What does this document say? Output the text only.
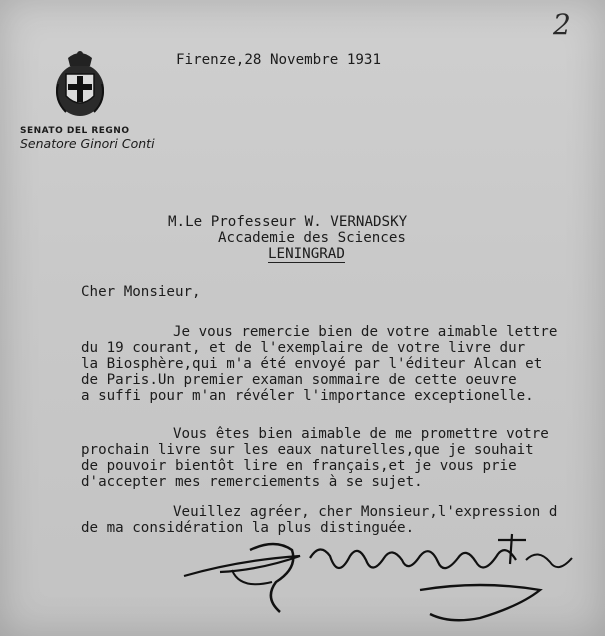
SENATO DEL REGNO
Senatore Ginori Conti
2
Firenze,28 Novembre 1931
M.Le Professeur W. VERNADSKY
Accademie des Sciences
LENINGRAD
Cher Monsieur,
Je vous remercie bien de votre aimable lettre
du 19 courant, et de l'exemplaire de votre livre dur
la Biosphère,qui m'a été envoyé par l'éditeur Alcan et
de Paris.Un premier examan sommaire de cette oeuvre
a suffi pour m'an révéler l'importance exceptionelle.
Vous êtes bien aimable de me promettre votre
prochain livre sur les eaux naturelles,que je souhait
de pouvoir bientôt lire en français,et je vous prie
d'accepter mes remerciements à se sujet.
Veuillez agréer, cher Monsieur,l'expression d
de ma considération la plus distinguée.
